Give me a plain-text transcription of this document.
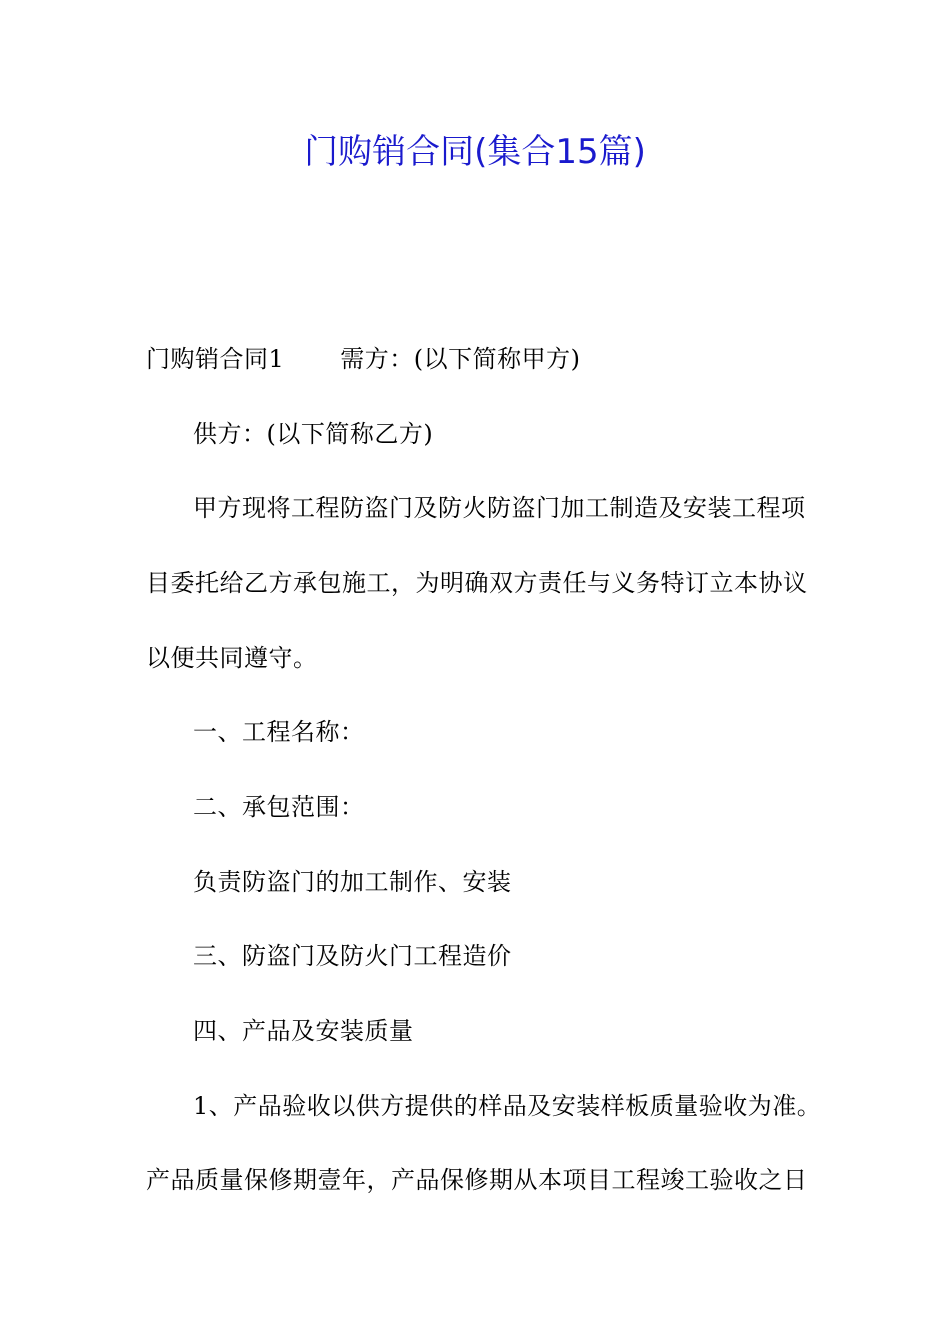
门购销合同(集合15篇)
门购销合同1 需方：(以下简称甲方)
供方：(以下简称乙方)
甲方现将工程防盗门及防火防盗门加工制造及安装工程项
目委托给乙方承包施工，为明确双方责任与义务特订立本协议
以便共同遵守。
一、工程名称：
二、承包范围：
负责防盗门的加工制作、安装
三、防盗门及防火门工程造价
四、产品及安装质量
1、产品验收以供方提供的样品及安装样板质量验收为准。
产品质量保修期壹年，产品保修期从本项目工程竣工验收之日
